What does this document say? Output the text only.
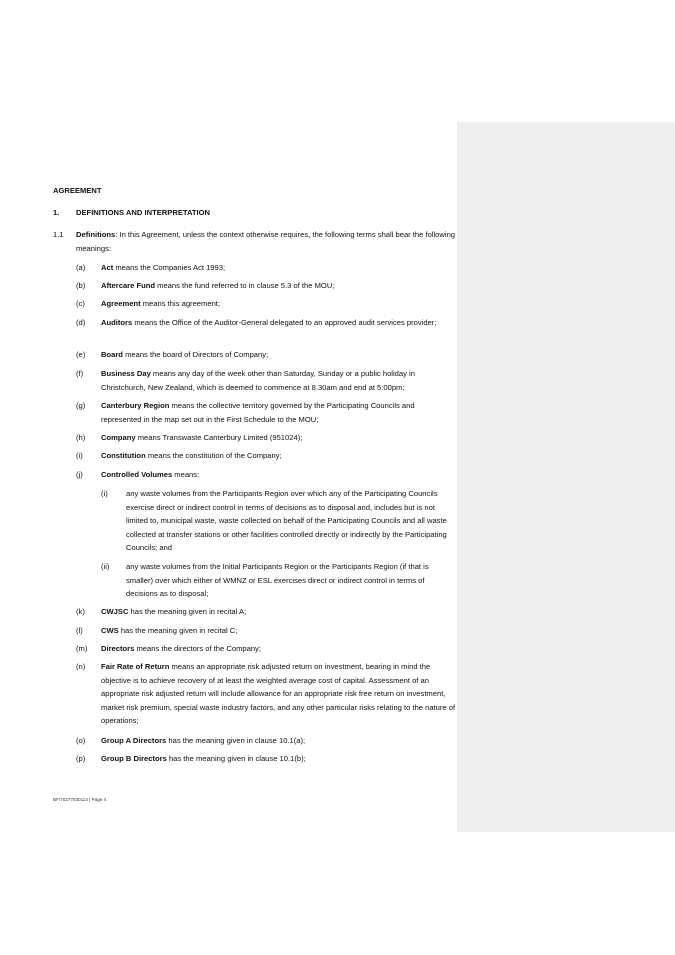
AGREEMENT
1. DEFINITIONS AND INTERPRETATION
1.1 Definitions: In this Agreement, unless the context otherwise requires, the following terms shall bear the following meanings:
(a) Act means the Companies Act 1993;
(b) Aftercare Fund means the fund referred to in clause 5.3 of the MOU;
(c) Agreement means this agreement;
(d) Auditors means the Office of the Auditor-General delegated to an approved audit services provider;
(e) Board means the board of Directors of Company;
(f) Business Day means any day of the week other than Saturday, Sunday or a public holiday in Christchurch, New Zealand, which is deemed to commence at 8.30am and end at 5:00pm;
(g) Canterbury Region means the collective territory governed by the Participating Councils and represented in the map set out in the First Schedule to the MOU;
(h) Company means Transwaste Canterbury Limited (951024);
(i) Constitution means the constitution of the Company;
(j) Controlled Volumes means:
(i) any waste volumes from the Participants Region over which any of the Participating Councils exercise direct or indirect control in terms of decisions as to disposal and, includes but is not limited to, municipal waste, waste collected on behalf of the Participating Councils and all waste collected at transfer stations or other facilities controlled directly or indirectly by the Participating Councils; and
(ii) any waste volumes from the Initial Participants Region or the Participants Region (if that is smaller) over which either of WMNZ or ESL exercises direct or indirect control in terms of decisions as to disposal;
(k) CWJSC has the meaning given in recital A;
(l) CWS has the meaning given in recital C;
(m) Directors means the directors of the Company;
(n) Fair Rate of Return means an appropriate risk adjusted return on investment, bearing in mind the objective is to achieve recovery of at least the weighted average cost of capital. Assessment of an appropriate risk adjusted return will include allowance for an appropriate risk free return on investment, market risk premium, special waste industry factors, and any other particular risks relating to the nature of operations;
(o) Group A Directors has the meaning given in clause 10.1(a);
(p) Group B Directors has the meaning given in clause 10.1(b);
BF\70277030113 | Page 4
